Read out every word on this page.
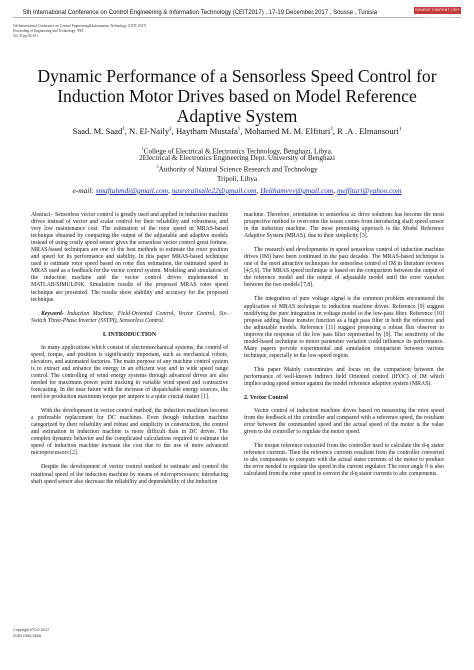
5th International Conference on Control Engineering & Information Technology (CEIT2017) , 17-19 December,2017 , Sousse , Tunisia	SOURCE CONTENT: CEIT PUBLICATIONS
5th International Conference on Control Engineering&Information Technology (CEIT-2017)
Proceeding of Engineering and Technology -PET
Vol.35 pp.92-101
Dynamic Performance of a Sensorless Speed Control for Induction Motor Drives based on Model Reference Adaptive System
Saad. M. Saad$^1$, N. El-Naily$^2$, Haytham Mustafa$^1$, Mohamed M. M. Elfituri$^3$, R .A . Elmansouri$^1$
$^1$College of Electrical & Electronics Technology, Benghazi, Libya.
2Electrical & Electronics Engineering Dept. University of Benghazi
$^3$Authority of Natural Science Research and Technology
Tripoli, Libya
e-mail: smaftahmdi@gmail.com, nasreralnaile22@gmail.com, Heithamvvv@gmail.com, melfituri@yahoo.com

Abstract– Sensorless vector control is greatly used and applied in induction machine drives instead of vector and scalar control for their reliability and robustness, and very low maintenance cost. The estimation of the rotor speed in MRAS-based technique obtained by comparing the output of the adjustable and adaptive models instead of using costly speed sensor gives the sensorless vector control great fortune. MRAS-based techniques are one of the best methods to estimate the rotor position and speed for its performance and stability. In this paper MRAS-based technique used to estimate rotor speed based on rotor flux estimation, the estimated speed in MRAS used as a feedback for the vector control system. Modeling and simulation of the induction machine and the vector control drives implemented in MATLAB/SIMULINK. Simulation results of the proposed MRAS rotor speed technique are presented. The results show stability and accuracy for the proposed technique.

Keyword- Induction Machine, Field-Oriented Control, Vector Control, Six-Switch Three-Phase Inverter (SSTPI), Sensorless Control.

I. INTRODUCTION

In many applications which consist of electromechanical systems, the control of speed, torque, and position is significantly important, such as mechanical robots, elevators, and automated factories. The main purpose of any machine control system is to extract and enhance the energy in an efficient way and in wide speed range control. The controlling of wind energy systems through advanced drives are also needed for maximum power point tracking in variable wind speed and contractive forecasting. In the near future with the increase of dispatchable energy sources, the need for production maximum torque per ampere is a quite crucial matter [1].

With the development in vector control method, the induction machines become a preferable replacement for DC machines. Even though induction machine categorized by their reliability and robust and simplicity in construction, the control and estimation in induction machine is more difficult than in DC drives. The complex dynamic behavior and the complicated calculations required to estimate the speed of induction machine increase the cost due to the use of more advanced microprocessors [2].

Despite the development of vector control method to estimate and control the rotational speed of the induction machine by means of microprocessors; introducing shaft speed sensor also decrease the reliability and dependability of the induction

machine. Therefore, orientation to sensorless ac drive solutions has become the most prospective method to overcome the issues comes from introducing shaft speed sensor in the induction machine. The most promising approach is the Model Reference Adaptive System (MRAS), due to their simplicity [3].

The research and developments in speed sensorless control of induction machine drives (IM) have been continued in the past decades. The MRAS-based technique is one of the most attractive techniques for sensorless control of IM in literature reviews [4,5,6]. The MRAS speed technique is based on the comparison between the output of the reference model and the output of adjustable model until the error vanishes between the two models [7,8].

The integration of pure voltage signal is the common problem encountered the application of MRAS technique to induction machine drives. Reference [9] suggest modifying the pure integration in voltage model to the low-pass filter. Reference [10] propose adding linear transfer function as a high pass filter in both the reference and the adjustable models. Reference [11] suggest proposing a robust flux observer to improve the response of the low pass filter represented by [9]. The sensitivity of the model-based technique to motor parameter variation could influence its performance. Many papers provide experimental and simulation comparison between various technique, especially in the low-speed region.

This paper Mainly concentrates and focus on the comparison between the performance of well-known indirect field Oriented control (IFOC) of IM which implies using speed sensor against the model reference adaptive system (MRAS).

2. Vector Control

Vector control of induction machine drives based on measuring the rotor speed from the feedback of the controller and compared with a reference speed, the resultant error between the commanded speed and the actual speed of the motor is the value given to the controller to regulate the motor speed.

The torque reference extracted from the controller used to calculate the d-q stator reference currents. Then the reference currents resultant from the controller converted to abc components to compare with the actual stator currents of the motor to produce the error needed to regulate the speed in the current regulator. The rotor angle θ is also calculated from the rotor speed to convert the d-q stator currents to abc components.

Copyright IPCO-2017
ISSN 2356-5608
